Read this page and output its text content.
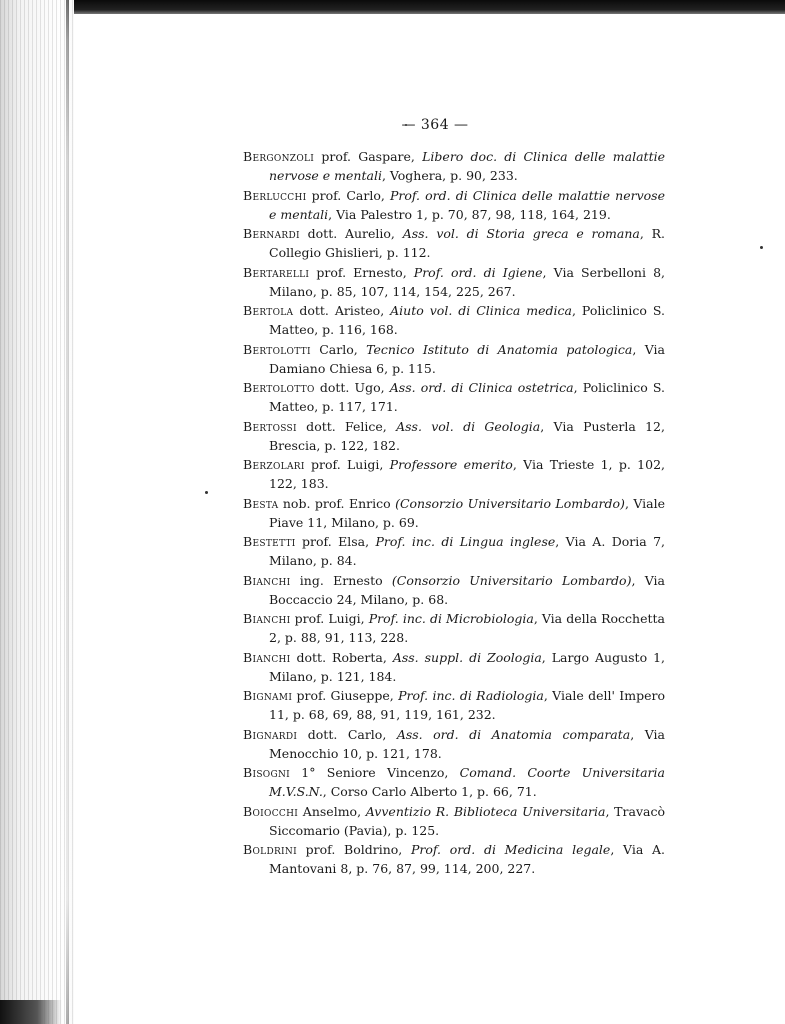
— 364 —
Bergonzoli prof. Gaspare, Libero doc. di Clinica delle malattie nervose e mentali, Voghera, p. 90, 233.
Berlucchi prof. Carlo, Prof. ord. di Clinica delle malattie nervose e mentali, Via Palestro 1, p. 70, 87, 98, 118, 164, 219.
Bernardi dott. Aurelio, Ass. vol. di Storia greca e romana, R. Collegio Ghislieri, p. 112.
Bertarelli prof. Ernesto, Prof. ord. di Igiene, Via Serbelloni 8, Milano, p. 85, 107, 114, 154, 225, 267.
Bertola dott. Aristeo, Aiuto vol. di Clinica medica, Policlinico S. Matteo, p. 116, 168.
Bertolotti Carlo, Tecnico Istituto di Anatomia patologica, Via Damiano Chiesa 6, p. 115.
Bertolotto dott. Ugo, Ass. ord. di Clinica ostetrica, Policlinico S. Matteo, p. 117, 171.
Bertossi dott. Felice, Ass. vol. di Geologia, Via Pusterla 12, Brescia, p. 122, 182.
Berzolari prof. Luigi, Professore emerito, Via Trieste 1, p. 102, 122, 183.
Besta nob. prof. Enrico (Consorzio Universitario Lombardo), Viale Piave 11, Milano, p. 69.
Bestetti prof. Elsa, Prof. inc. di Lingua inglese, Via A. Doria 7, Milano, p. 84.
Bianchi ing. Ernesto (Consorzio Universitario Lombardo), Via Boccaccio 24, Milano, p. 68.
Bianchi prof. Luigi, Prof. inc. di Microbiologia, Via della Rocchetta 2, p. 88, 91, 113, 228.
Bianchi dott. Roberta, Ass. suppl. di Zoologia, Largo Augusto 1, Milano, p. 121, 184.
Bignami prof. Giuseppe, Prof. inc. di Radiologia, Viale dell' Impero 11, p. 68, 69, 88, 91, 119, 161, 232.
Bignardi dott. Carlo, Ass. ord. di Anatomia comparata, Via Menocchio 10, p. 121, 178.
Bisogni 1° Seniore Vincenzo, Comand. Coorte Universitaria M.V.S.N., Corso Carlo Alberto 1, p. 66, 71.
Boiocchi Anselmo, Avventizio R. Biblioteca Universitaria, Travacò Siccomario (Pavia), p. 125.
Boldrini prof. Boldrino, Prof. ord. di Medicina legale, Via A. Mantovani 8, p. 76, 87, 99, 114, 200, 227.
